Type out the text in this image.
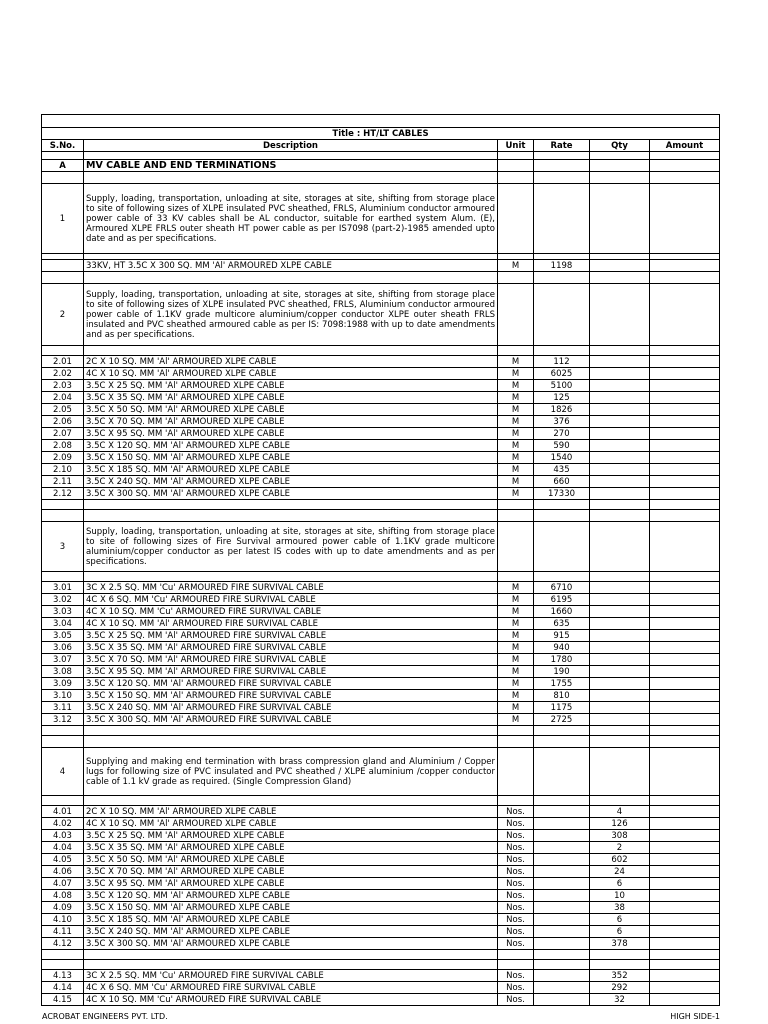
Title : HT/LT CABLES					
S.No.	Description	Unit	Rate	Qty	Amount

A	MV CABLE AND END TERMINATIONS				

1	Supply, loading, transportation, unloading at site, storages at site, shifting from storage place to site of following sizes of XLPE insulated PVC sheathed, FRLS, Aluminium conductor armoured power cable of 33 KV cables shall be AL conductor, suitable for earthed system Alum. (E), Armoured XLPE FRLS outer sheath HT power cable as per IS7098 (part-2)-1985 amended upto date and as per specifications.				

	33KV, HT 3.5C X 300 SQ. MM 'Al' ARMOURED XLPE CABLE	M	1198		

2	Supply, loading, transportation, unloading at site, storages at site, shifting from storage place to site of following sizes of XLPE insulated PVC sheathed, FRLS, Aluminium conductor armoured power cable of 1.1KV grade multicore aluminium/copper conductor XLPE outer sheath FRLS insulated and PVC sheathed armoured cable as per IS: 7098:1988 with up to date amendments and as per specifications.				

2.01	2C X 10 SQ. MM 'Al' ARMOURED XLPE CABLE	M	112		
2.02	4C X 10 SQ. MM 'Al' ARMOURED XLPE CABLE	M	6025		
2.03	3.5C X 25 SQ. MM 'Al' ARMOURED XLPE CABLE	M	5100		
2.04	3.5C X 35 SQ. MM 'Al' ARMOURED XLPE CABLE	M	125		
2.05	3.5C X 50 SQ. MM 'Al' ARMOURED XLPE CABLE	M	1826		
2.06	3.5C X 70 SQ. MM 'Al' ARMOURED XLPE CABLE	M	376		
2.07	3.5C X 95 SQ. MM 'Al' ARMOURED XLPE CABLE	M	270		
2.08	3.5C X 120 SQ. MM 'Al' ARMOURED XLPE CABLE	M	590		
2.09	3.5C X 150 SQ. MM 'Al' ARMOURED XLPE CABLE	M	1540		
2.10	3.5C X 185 SQ. MM 'Al' ARMOURED XLPE CABLE	M	435		
2.11	3.5C X 240 SQ. MM 'Al' ARMOURED XLPE CABLE	M	660		
2.12	3.5C X 300 SQ. MM 'Al' ARMOURED XLPE CABLE	M	17330		

3	Supply, loading, transportation, unloading at site, storages at site, shifting from storage place to site of following sizes of Fire Survival armoured power cable of 1.1KV grade multicore aluminium/copper conductor as per latest IS codes with up to date amendments and as per specifications.				

3.01	3C X 2.5 SQ. MM 'Cu' ARMOURED FIRE SURVIVAL CABLE	M	6710		
3.02	4C X 6 SQ. MM 'Cu' ARMOURED FIRE SURVIVAL CABLE	M	6195		
3.03	4C X 10 SQ. MM 'Cu' ARMOURED FIRE SURVIVAL CABLE	M	1660		
3.04	4C X 10 SQ. MM 'Al' ARMOURED FIRE SURVIVAL CABLE	M	635		
3.05	3.5C X 25 SQ. MM 'Al' ARMOURED FIRE SURVIVAL CABLE	M	915		
3.06	3.5C X 35 SQ. MM 'Al' ARMOURED FIRE SURVIVAL CABLE	M	940		
3.07	3.5C X 70 SQ. MM 'Al' ARMOURED FIRE SURVIVAL CABLE	M	1780		
3.08	3.5C X 95 SQ. MM 'Al' ARMOURED FIRE SURVIVAL CABLE	M	190		
3.09	3.5C X 120 SQ. MM 'Al' ARMOURED FIRE SURVIVAL CABLE	M	1755		
3.10	3.5C X 150 SQ. MM 'Al' ARMOURED FIRE SURVIVAL CABLE	M	810		
3.11	3.5C X 240 SQ. MM 'Al' ARMOURED FIRE SURVIVAL CABLE	M	1175		
3.12	3.5C X 300 SQ. MM 'Al' ARMOURED FIRE SURVIVAL CABLE	M	2725		

4	Supplying and making end termination with brass compression gland and Aluminium / Copper lugs for following size of PVC insulated and PVC sheathed / XLPE aluminium /copper conductor cable of 1.1 kV grade as required. (Single Compression Gland)				

4.01	2C X 10 SQ. MM 'Al' ARMOURED XLPE CABLE	Nos.		4	
4.02	4C X 10 SQ. MM 'Al' ARMOURED XLPE CABLE	Nos.		126	
4.03	3.5C X 25 SQ. MM 'Al' ARMOURED XLPE CABLE	Nos.		308	
4.04	3.5C X 35 SQ. MM 'Al' ARMOURED XLPE CABLE	Nos.		2	
4.05	3.5C X 50 SQ. MM 'Al' ARMOURED XLPE CABLE	Nos.		602	
4.06	3.5C X 70 SQ. MM 'Al' ARMOURED XLPE CABLE	Nos.		24	
4.07	3.5C X 95 SQ. MM 'Al' ARMOURED XLPE CABLE	Nos.		6	
4.08	3.5C X 120 SQ. MM 'Al' ARMOURED XLPE CABLE	Nos.		10	
4.09	3.5C X 150 SQ. MM 'Al' ARMOURED XLPE CABLE	Nos.		38	
4.10	3.5C X 185 SQ. MM 'Al' ARMOURED XLPE CABLE	Nos.		6	
4.11	3.5C X 240 SQ. MM 'Al' ARMOURED XLPE CABLE	Nos.		6	
4.12	3.5C X 300 SQ. MM 'Al' ARMOURED XLPE CABLE	Nos.		378	

4.13	3C X 2.5 SQ. MM 'Cu' ARMOURED FIRE SURVIVAL CABLE	Nos.		352	
4.14	4C X 6 SQ. MM 'Cu' ARMOURED FIRE SURVIVAL CABLE	Nos.		292	
4.15	4C X 10 SQ. MM 'Cu' ARMOURED FIRE SURVIVAL CABLE	Nos.		32	
ACROBAT ENGINEERS PVT. LTD.	HIGH SIDE-1
